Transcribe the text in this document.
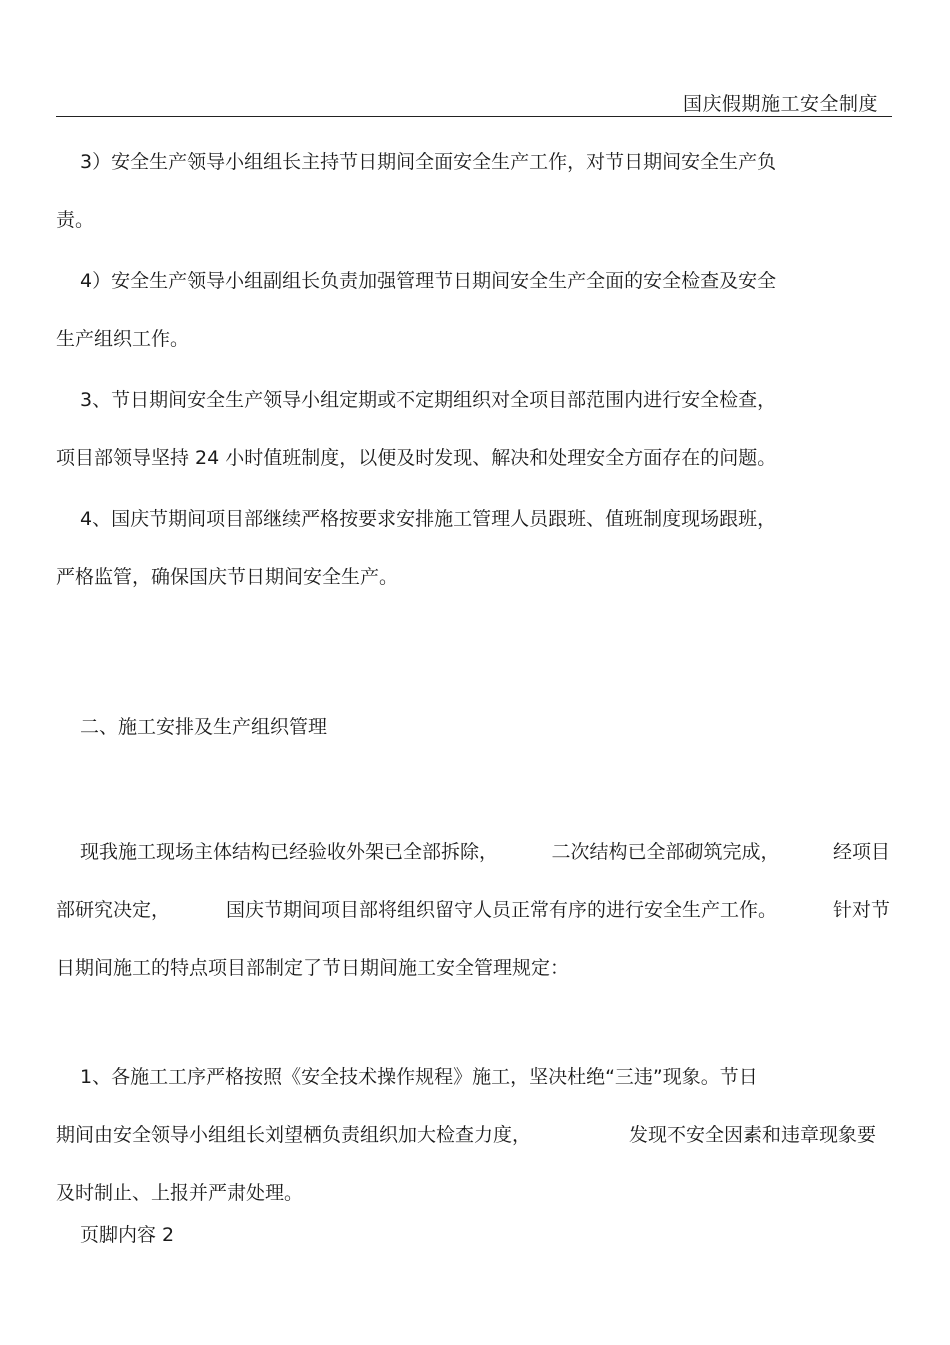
国庆假期施工安全制度
3）安全生产领导小组组长主持节日期间全面安全生产工作，对节日期间安全生产负
责。
4）安全生产领导小组副组长负责加强管理节日期间安全生产全面的安全检查及安全
生产组织工作。
3、节日期间安全生产领导小组定期或不定期组织对全项目部范围内进行安全检查，
项目部领导坚持 24 小时值班制度，以便及时发现、解决和处理安全方面存在的问题。
4、国庆节期间项目部继续严格按要求安排施工管理人员跟班、值班制度现场跟班，
严格监管，确保国庆节日期间安全生产。
二、施工安排及生产组织管理
现我施工现场主体结构已经验收外架已全部拆除，	二次结构已全部砌筑完成，	经项目
部研究决定，	国庆节期间项目部将组织留守人员正常有序的进行安全生产工作。	针对节
日期间施工的特点项目部制定了节日期间施工安全管理规定：
1、各施工工序严格按照《安全技术操作规程》施工，坚决杜绝“三违”现象。节日
期间由安全领导小组组长刘望栖负责组织加大检查力度，	发现不安全因素和违章现象要
及时制止、上报并严肃处理。
页脚内容 2
